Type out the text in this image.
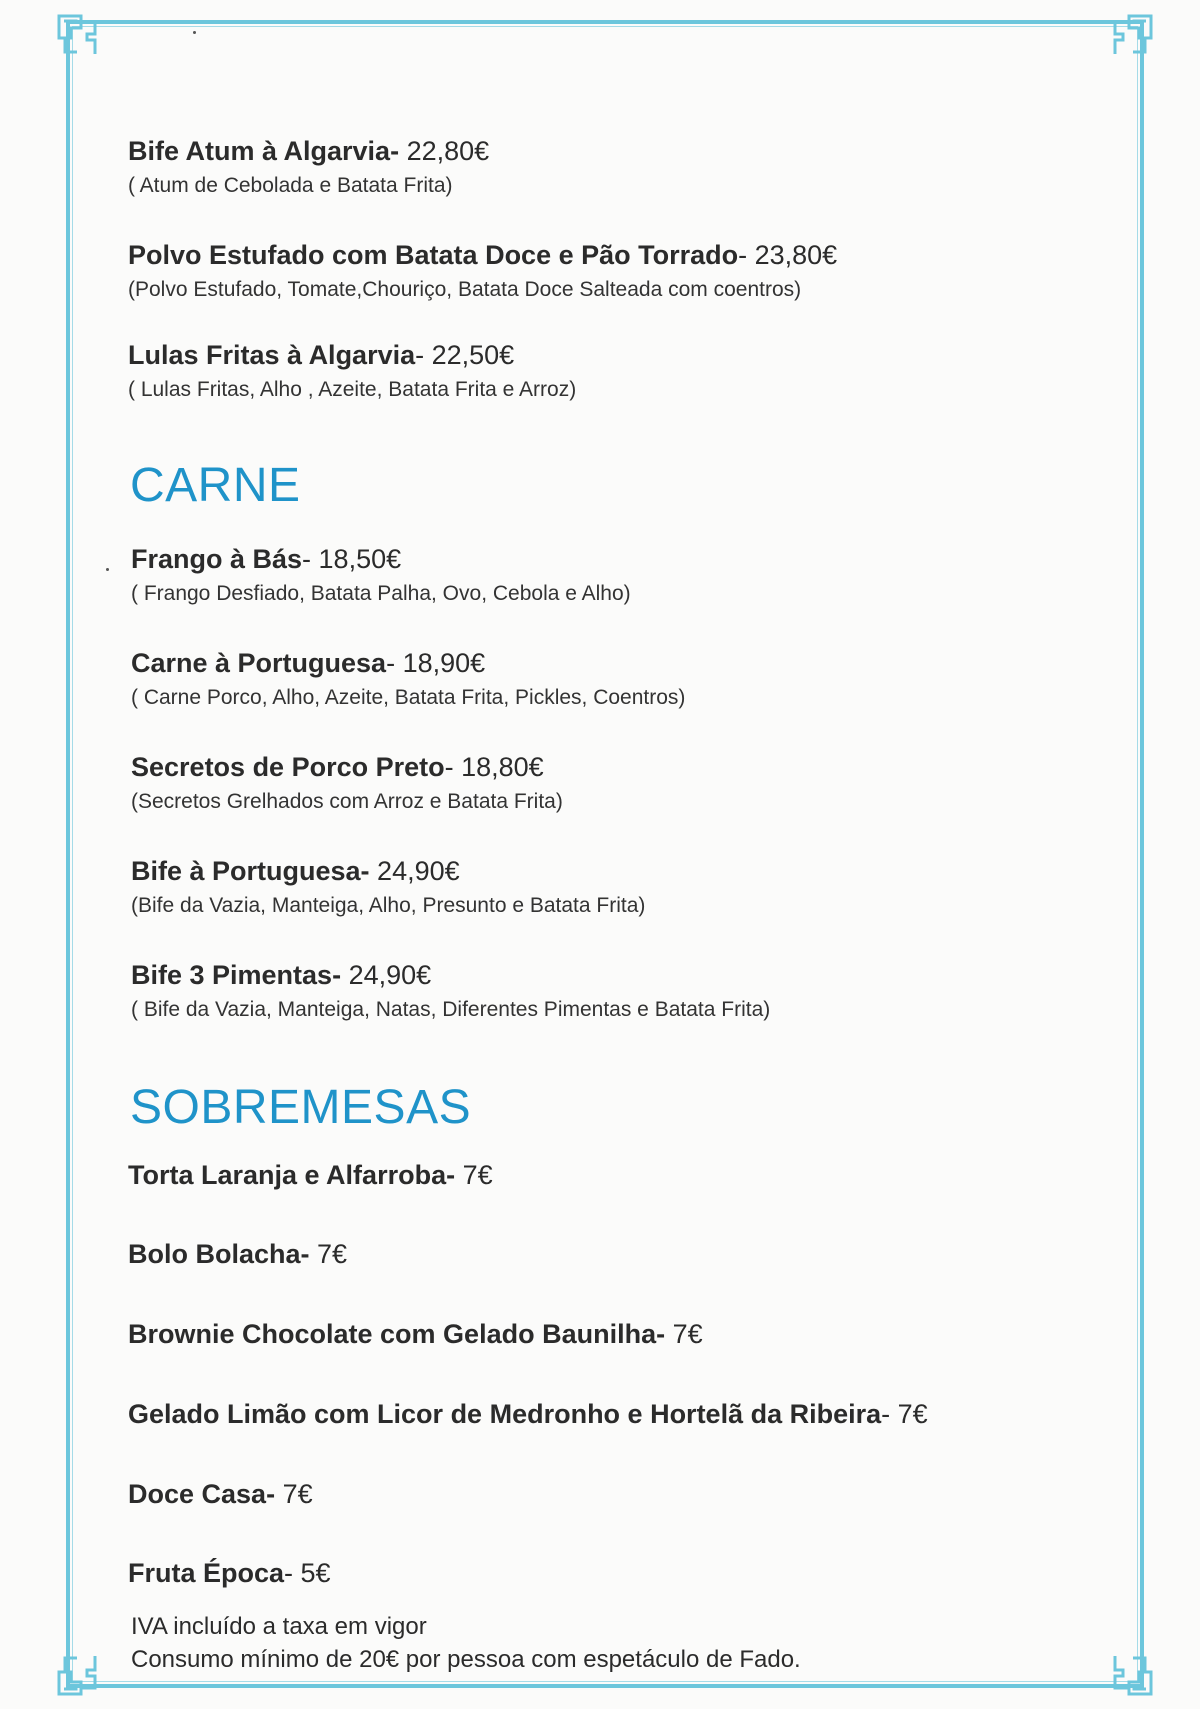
Bife Atum à Algarvia- 22,80€
( Atum de Cebolada e Batata Frita)
Polvo Estufado com Batata Doce e Pão Torrado- 23,80€
(Polvo Estufado, Tomate,Chouriço, Batata Doce Salteada com coentros)
Lulas Fritas à Algarvia- 22,50€
( Lulas Fritas, Alho , Azeite, Batata Frita e Arroz)
CARNE
Frango à Bás- 18,50€
( Frango Desfiado, Batata Palha, Ovo, Cebola e Alho)
Carne à Portuguesa- 18,90€
( Carne Porco, Alho, Azeite, Batata Frita, Pickles, Coentros)
Secretos de Porco Preto- 18,80€
(Secretos Grelhados com Arroz e Batata Frita)
Bife à Portuguesa- 24,90€
(Bife da Vazia, Manteiga, Alho, Presunto e Batata Frita)
Bife 3 Pimentas- 24,90€
( Bife da Vazia, Manteiga, Natas, Diferentes Pimentas e Batata Frita)
SOBREMESAS
Torta Laranja e Alfarroba- 7€
Bolo Bolacha- 7€
Brownie Chocolate com Gelado Baunilha- 7€
Gelado Limão com Licor de Medronho e Hortelã da Ribeira- 7€
Doce Casa- 7€
Fruta Época- 5€
IVA incluído a taxa em vigor
Consumo mínimo de 20€ por pessoa com espetáculo de Fado.
